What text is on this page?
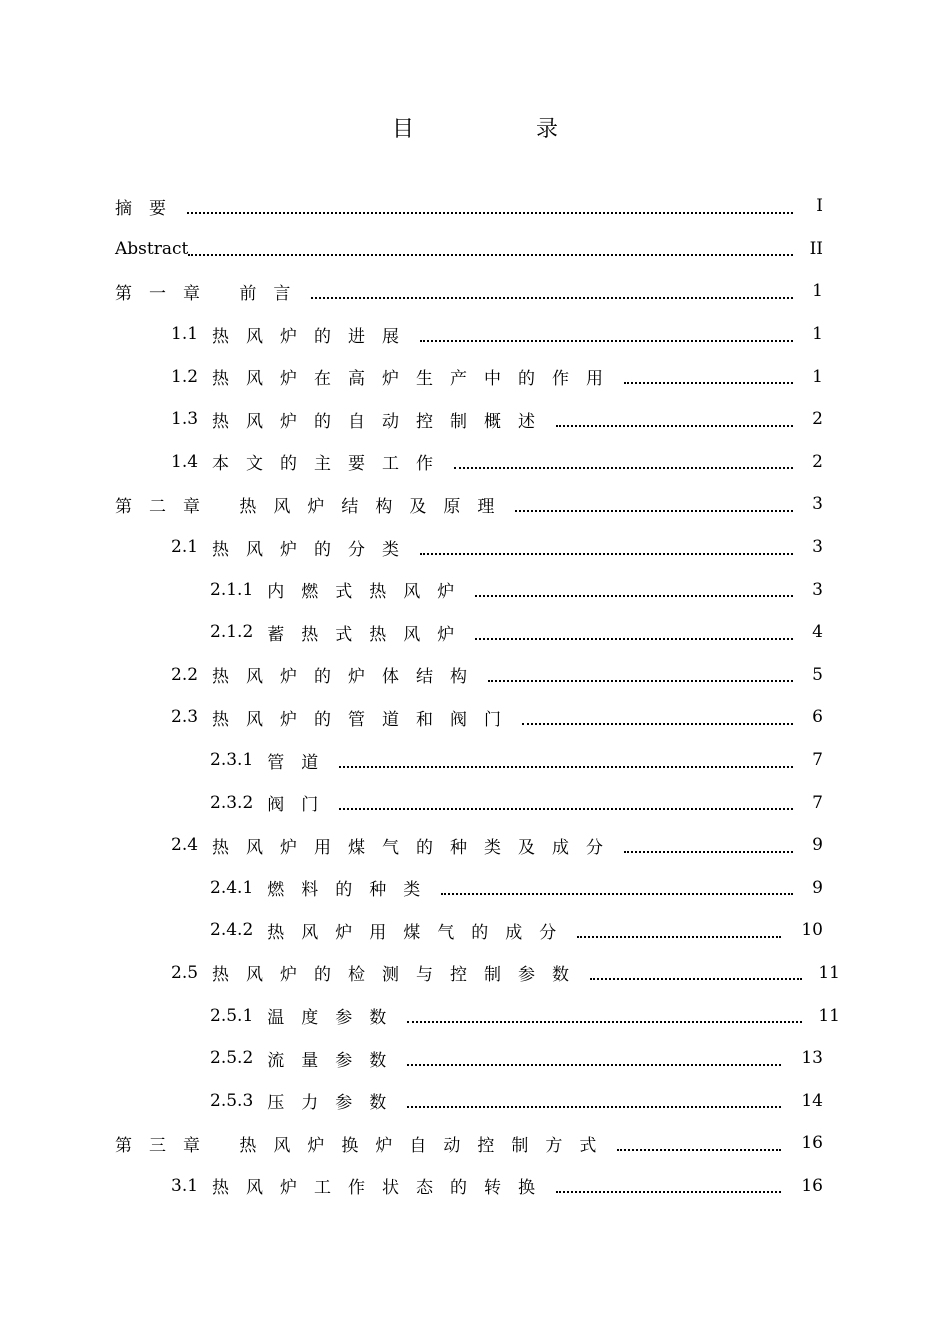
目　录
摘要	I
Abstract	II
第一章 前言	1
1.1 热风炉的进展	1
1.2 热风炉在高炉生产中的作用	1
1.3 热风炉的自动控制概述	2
1.4 本文的主要工作	2
第二章 热风炉结构及原理	3
2.1 热风炉的分类	3
2.1.1 内燃式热风炉	3
2.1.2 蓄热式热风炉	4
2.2 热风炉的炉体结构	5
2.3 热风炉的管道和阀门	6
2.3.1 管道	7
2.3.2 阀门	7
2.4 热风炉用煤气的种类及成分	9
2.4.1 燃料的种类	9
2.4.2 热风炉用煤气的成分	10
2.5 热风炉的检测与控制参数	11
2.5.1 温度参数	11
2.5.2 流量参数	13
2.5.3 压力参数	14
第三章 热风炉换炉自动控制方式	16
3.1 热风炉工作状态的转换	16
